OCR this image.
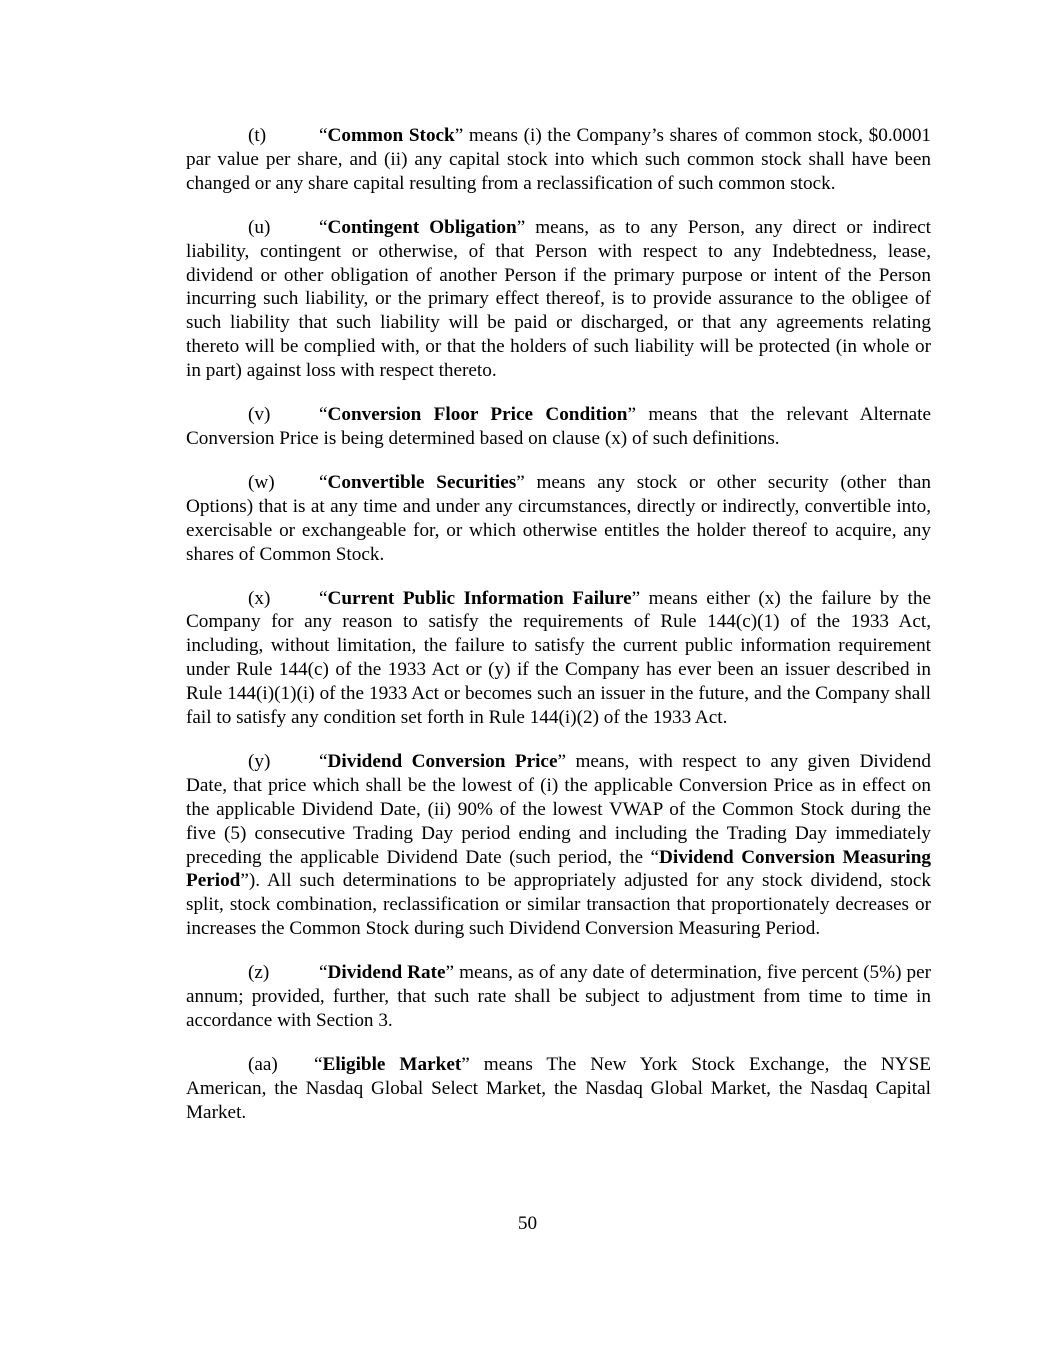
(t)	“Common Stock” means (i) the Company’s shares of common stock, $0.0001 par value per share, and (ii) any capital stock into which such common stock shall have been changed or any share capital resulting from a reclassification of such common stock.

(u)	“Contingent Obligation” means, as to any Person, any direct or indirect liability, contingent or otherwise, of that Person with respect to any Indebtedness, lease, dividend or other obligation of another Person if the primary purpose or intent of the Person incurring such liability, or the primary effect thereof, is to provide assurance to the obligee of such liability that such liability will be paid or discharged, or that any agreements relating thereto will be complied with, or that the holders of such liability will be protected (in whole or in part) against loss with respect thereto.

(v)	“Conversion Floor Price Condition” means that the relevant Alternate Conversion Price is being determined based on clause (x) of such definitions.

(w) “Convertible Securities” means any stock or other security (other than Options) that is at any time and under any circumstances, directly or indirectly, convertible into, exercisable or exchangeable for, or which otherwise entitles the holder thereof to acquire, any shares of Common Stock.

(x)	“Current Public Information Failure” means either (x) the failure by the Company for any reason to satisfy the requirements of Rule 144(c)(1) of the 1933 Act, including, without limitation, the failure to satisfy the current public information requirement under Rule 144(c) of the 1933 Act or (y) if the Company has ever been an issuer described in Rule 144(i)(1)(i) of the 1933 Act or becomes such an issuer in the future, and the Company shall fail to satisfy any condition set forth in Rule 144(i)(2) of the 1933 Act.

(y)	“Dividend Conversion Price” means, with respect to any given Dividend Date, that price which shall be the lowest of (i) the applicable Conversion Price as in effect on the applicable Dividend Date, (ii) 90% of the lowest VWAP of the Common Stock during the five (5) consecutive Trading Day period ending and including the Trading Day immediately preceding the applicable Dividend Date (such period, the “Dividend Conversion Measuring Period”). All such determinations to be appropriately adjusted for any stock dividend, stock split, stock combination, reclassification or similar transaction that proportionately decreases or increases the Common Stock during such Dividend Conversion Measuring Period.

(z)	“Dividend Rate” means, as of any date of determination, five percent (5%) per annum; provided, further, that such rate shall be subject to adjustment from time to time in accordance with Section 3.

(aa) “Eligible Market” means The New York Stock Exchange, the NYSE American, the Nasdaq Global Select Market, the Nasdaq Global Market, the Nasdaq Capital Market.

50
